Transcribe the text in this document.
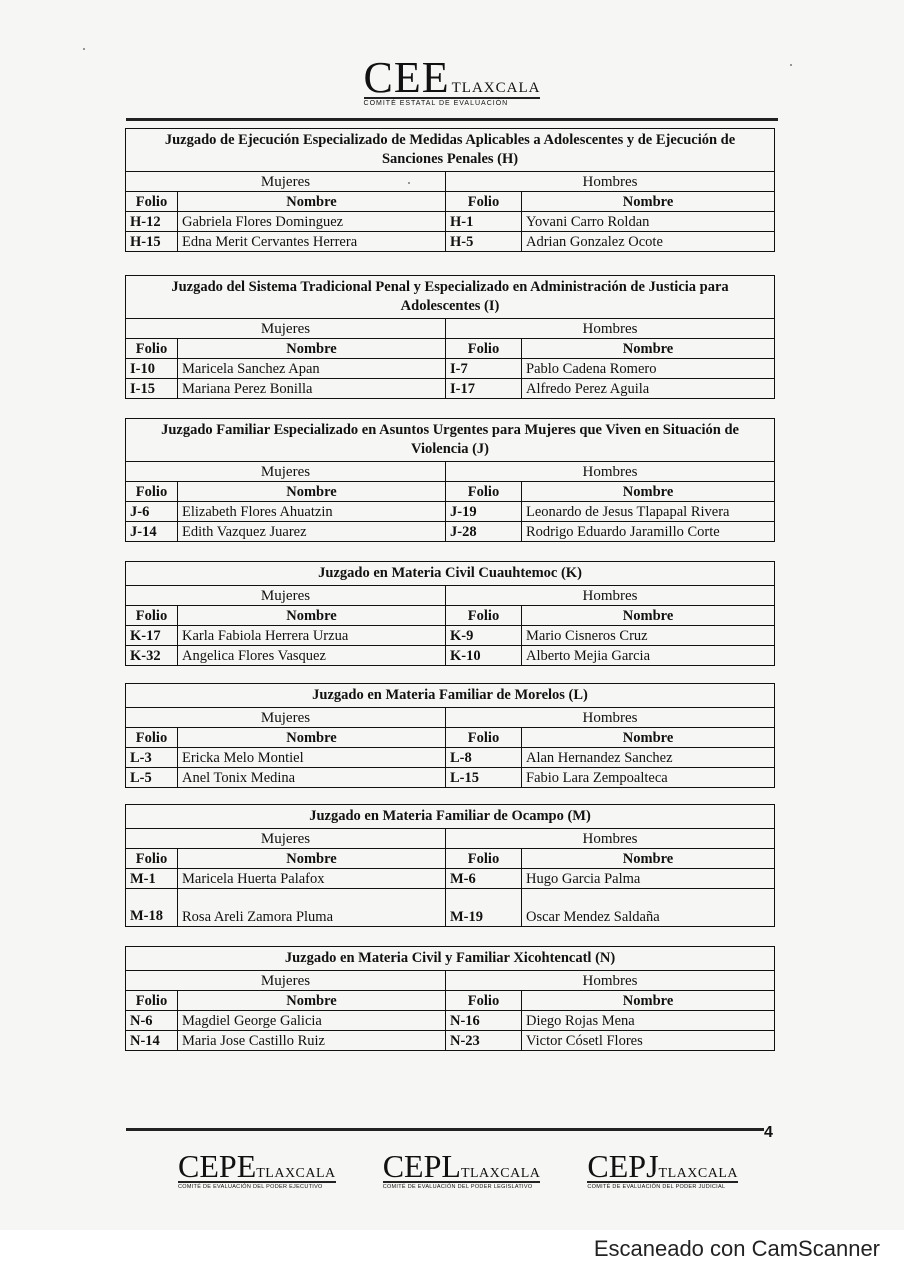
CEE TLAXCALA
COMITÉ ESTATAL DE EVALUACIÓN
Juzgado de Ejecución Especializado de Medidas Aplicables a Adolescentes y de Ejecución de Sanciones Penales (H)			
Mujeres		Hombres	
Folio	Nombre	Folio	Nombre
H-12	Gabriela Flores Dominguez	H-1	Yovani Carro Roldan
H-15	Edna Merit Cervantes Herrera	H-5	Adrian Gonzalez Ocote
Juzgado del Sistema Tradicional Penal y Especializado en Administración de Justicia para Adolescentes (I)			
Mujeres		Hombres	
Folio	Nombre	Folio	Nombre
I-10	Maricela Sanchez Apan	I-7	Pablo Cadena Romero
I-15	Mariana Perez Bonilla	I-17	Alfredo Perez Aguila
Juzgado Familiar Especializado en Asuntos Urgentes para Mujeres que Viven en Situación de Violencia (J)			
Mujeres		Hombres	
Folio	Nombre	Folio	Nombre
J-6	Elizabeth Flores Ahuatzin	J-19	Leonardo de Jesus Tlapapal Rivera
J-14	Edith Vazquez Juarez	J-28	Rodrigo Eduardo Jaramillo Corte
Juzgado en Materia Civil Cuauhtemoc (K)			
Mujeres		Hombres	
Folio	Nombre	Folio	Nombre
K-17	Karla Fabiola Herrera Urzua	K-9	Mario Cisneros Cruz
K-32	Angelica Flores Vasquez	K-10	Alberto Mejia Garcia
Juzgado en Materia Familiar de Morelos (L)			
Mujeres		Hombres	
Folio	Nombre	Folio	Nombre
L-3	Ericka Melo Montiel	L-8	Alan Hernandez Sanchez
L-5	Anel Tonix Medina	L-15	Fabio Lara Zempoalteca
Juzgado en Materia Familiar de Ocampo (M)			
Mujeres		Hombres	
Folio	Nombre	Folio	Nombre
M-1	Maricela Huerta Palafox	M-6	Hugo Garcia Palma
M-18	Rosa Areli Zamora Pluma	M-19	Oscar Mendez Saldaña
Juzgado en Materia Civil y Familiar Xicohtencatl (N)			
Mujeres		Hombres	
Folio	Nombre	Folio	Nombre
N-6	Magdiel George Galicia	N-16	Diego Rojas Mena
N-14	Maria Jose Castillo Ruiz	N-23	Victor Cósetl Flores
4
CEPETLAXCALA
COMITÉ DE EVALUACIÓN DEL PODER EJECUTIVO
CEPLTLAXCALA
COMITÉ DE EVALUACIÓN DEL PODER LEGISLATIVO
CEPJTLAXCALA
COMITÉ DE EVALUACIÓN DEL PODER JUDICIAL
Escaneado con CamScanner
